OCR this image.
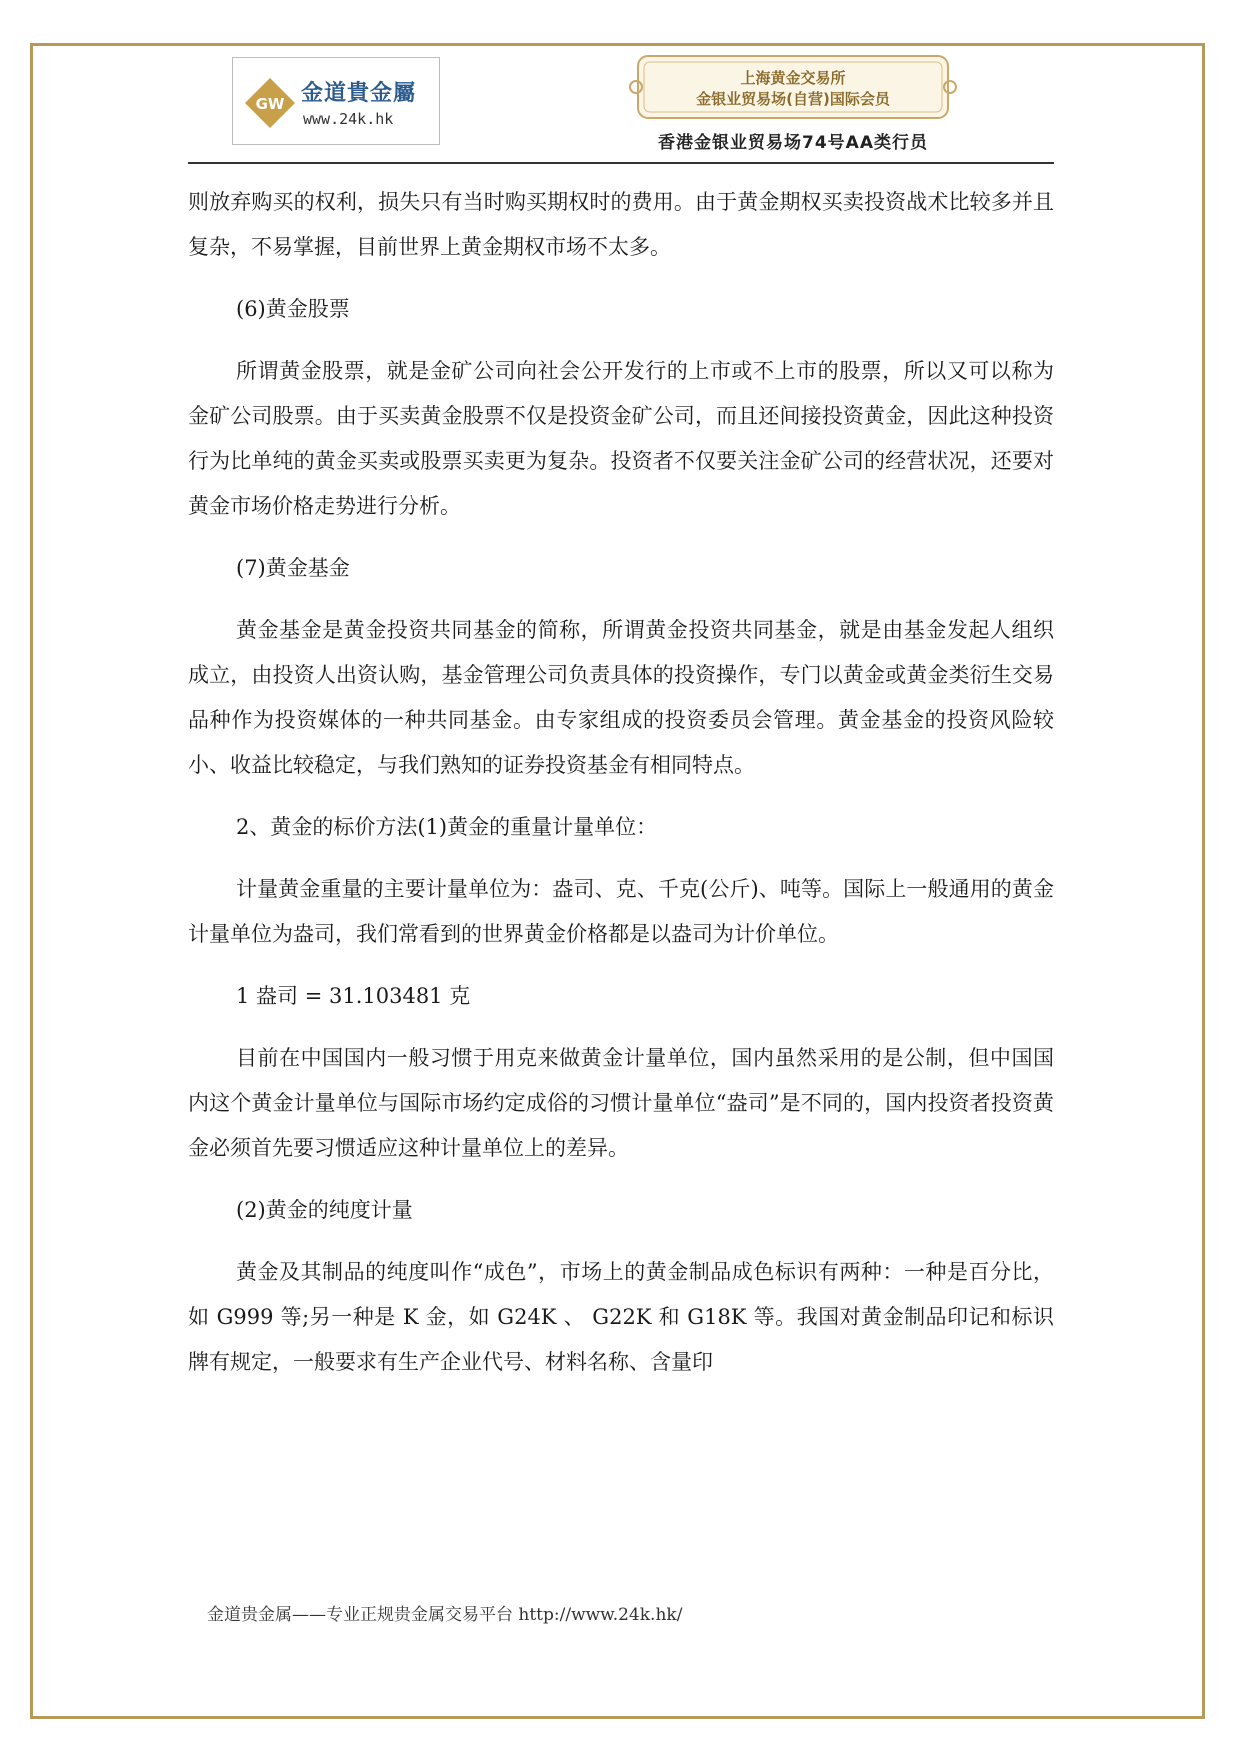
GW 金道貴金屬
www.24k.hk
上海黄金交易所
金银业贸易场(自营)国际会员
香港金银业贸易场74号AA类行员

则放弃购买的权利，损失只有当时购买期权时的费用。由于黄金期权买卖投资战术比较多并且复杂，不易掌握，目前世界上黄金期权市场不太多。

(6)黄金股票

所谓黄金股票，就是金矿公司向社会公开发行的上市或不上市的股票，所以又可以称为金矿公司股票。由于买卖黄金股票不仅是投资金矿公司，而且还间接投资黄金，因此这种投资行为比单纯的黄金买卖或股票买卖更为复杂。投资者不仅要关注金矿公司的经营状况，还要对黄金市场价格走势进行分析。

(7)黄金基金

黄金基金是黄金投资共同基金的简称，所谓黄金投资共同基金，就是由基金发起人组织成立，由投资人出资认购，基金管理公司负责具体的投资操作，专门以黄金或黄金类衍生交易品种作为投资媒体的一种共同基金。由专家组成的投资委员会管理。黄金基金的投资风险较小、收益比较稳定，与我们熟知的证券投资基金有相同特点。

2、黄金的标价方法(1)黄金的重量计量单位：

计量黄金重量的主要计量单位为：盎司、克、千克(公斤)、吨等。国际上一般通用的黄金计量单位为盎司，我们常看到的世界黄金价格都是以盎司为计价单位。

1 盎司 = 31.103481 克

目前在中国国内一般习惯于用克来做黄金计量单位，国内虽然采用的是公制，但中国国内这个黄金计量单位与国际市场约定成俗的习惯计量单位“盎司”是不同的，国内投资者投资黄金必须首先要习惯适应这种计量单位上的差异。

(2)黄金的纯度计量

黄金及其制品的纯度叫作“成色”，市场上的黄金制品成色标识有两种：一种是百分比，如 G999 等;另一种是 K 金，如 G24K 、 G22K 和 G18K 等。我国对黄金制品印记和标识牌有规定，一般要求有生产企业代号、材料名称、含量印

金道贵金属——专业正规贵金属交易平台 http://www.24k.hk/
